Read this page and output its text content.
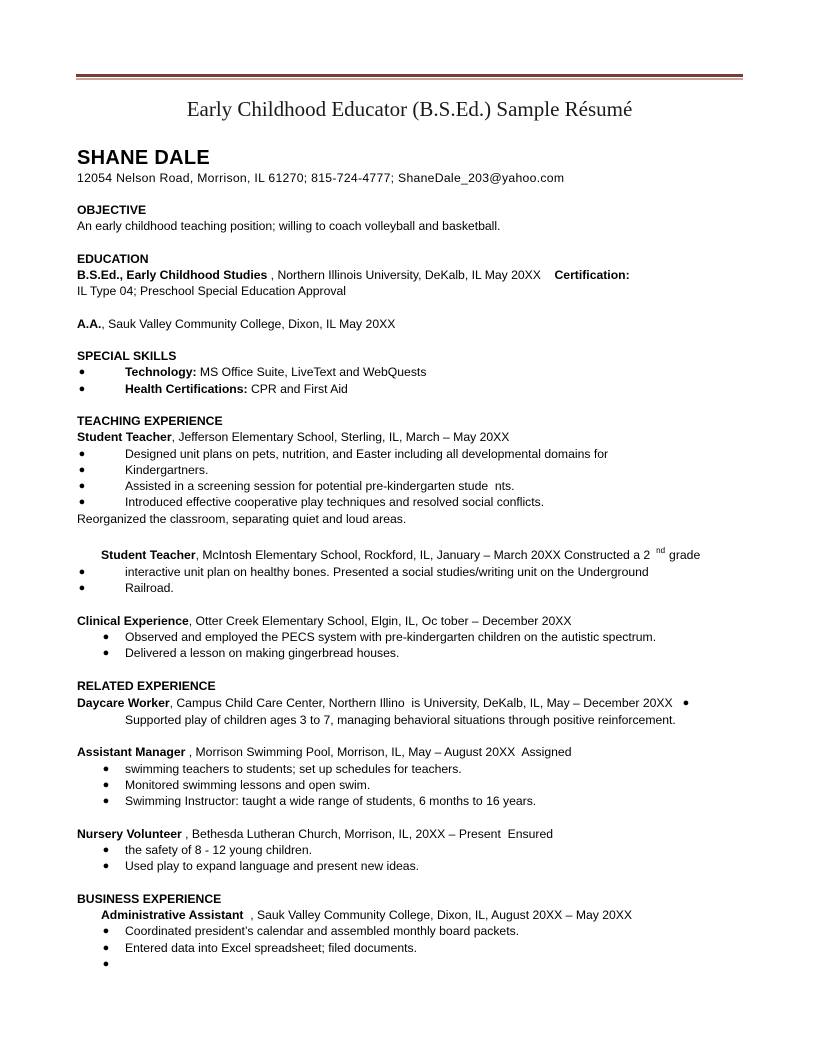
Early Childhood Educator (B.S.Ed.) Sample Résumé
SHANE DALE
12054 Nelson Road, Morrison, IL 61270; 815-724-4777; ShaneDale_203@yahoo.com
OBJECTIVE
An early childhood teaching position; willing to coach volleyball and basketball.
EDUCATION
B.S.Ed., Early Childhood Studies , Northern Illinois University, DeKalb, IL May 20XX    Certification:
IL Type 04; Preschool Special Education Approval
A.A., Sauk Valley Community College, Dixon, IL May 20XX
SPECIAL SKILLS
●	Technology: MS Office Suite, LiveText and WebQuests
●	Health Certifications: CPR and First Aid
TEACHING EXPERIENCE
Student Teacher, Jefferson Elementary School, Sterling, IL, March – May 20XX
●	Designed unit plans on pets, nutrition, and Easter including all developmental domains for
●	Kindergartners.
●	Assisted in a screening session for potential pre-kindergarten stude  nts.
●	Introduced effective cooperative play techniques and resolved social conflicts.
Reorganized the classroom, separating quiet and loud areas.
Student Teacher, McIntosh Elementary School, Rockford, IL, January – March 20XX Constructed a 2 $^{nd}$ grade
●	interactive unit plan on healthy bones. Presented a social studies/writing unit on the Underground
●	Railroad.
Clinical Experience, Otter Creek Elementary School, Elgin, IL, Oc tober – December 20XX
● Observed and employed the PECS system with pre-kindergarten children on the autistic spectrum.
● Delivered a lesson on making gingerbread houses.
RELATED EXPERIENCE
Daycare Worker, Campus Child Care Center, Northern Illino  is University, DeKalb, IL, May – December 20XX ●
Supported play of children ages 3 to 7, managing behavioral situations through positive reinforcement.
Assistant Manager , Morrison Swimming Pool, Morrison, IL, May – August 20XX  Assigned
● swimming teachers to students; set up schedules for teachers.
● Monitored swimming lessons and open swim.
● Swimming Instructor: taught a wide range of students, 6 months to 16 years.
Nursery Volunteer , Bethesda Lutheran Church, Morrison, IL, 20XX – Present  Ensured
● the safety of 8 - 12 young children.
● Used play to expand language and present new ideas.
BUSINESS EXPERIENCE
Administrative Assistant  , Sauk Valley Community College, Dixon, IL, August 20XX – May 20XX
● Coordinated president’s calendar and assembled monthly board packets.
● Entered data into Excel spreadsheet; filed documents.
●
